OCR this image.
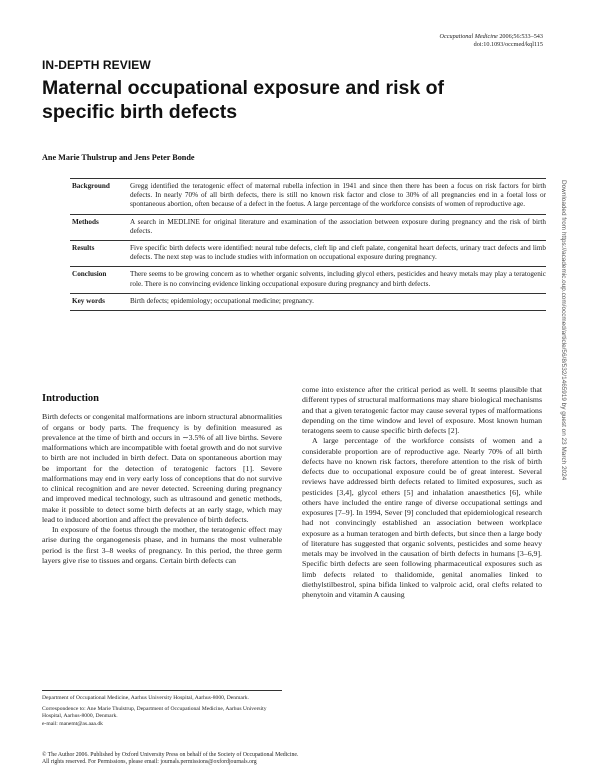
Occupational Medicine 2006;56:533–543
doi:10.1093/occmed/kql115
IN-DEPTH REVIEW
Maternal occupational exposure and risk of specific birth defects
Ane Marie Thulstrup and Jens Peter Bonde
Background	Gregg identified the teratogenic effect of maternal rubella infection in 1941 and since then there has been a focus on risk factors for birth defects. In nearly 70% of all birth defects, there is still no known risk factor and close to 30% of all pregnancies end in a foetal loss or spontaneous abortion, often because of a defect in the foetus. A large percentage of the workforce consists of women of reproductive age.
Methods	A search in MEDLINE for original literature and examination of the association between exposure during pregnancy and the risk of birth defects.
Results	Five specific birth defects were identified: neural tube defects, cleft lip and cleft palate, congenital heart defects, urinary tract defects and limb defects. The next step was to include studies with information on occupational exposure during pregnancy.
Conclusion	There seems to be growing concern as to whether organic solvents, including glycol ethers, pesticides and heavy metals may play a teratogenic role. There is no convincing evidence linking occupational exposure during pregnancy and birth defects.
Key words	Birth defects; epidemiology; occupational medicine; pregnancy.
Introduction

Birth defects or congenital malformations are inborn structural abnormalities of organs or body parts. The frequency is by definition measured as prevalence at the time of birth and occurs in ∼3.5% of all live births. Severe malformations which are incompatible with foetal growth and do not survive to birth are not included in birth defect. Data on spontaneous abortion may be important for the detection of teratogenic factors [1]. Severe malformations may end in very early loss of conceptions that do not survive to clinical recognition and are never detected. Screening during pregnancy and improved medical technology, such as ultrasound and genetic methods, make it possible to detect some birth defects at an early stage, which may lead to induced abortion and affect the prevalence of birth defects.

In exposure of the foetus through the mother, the teratogenic effect may arise during the organogenesis phase, and in humans the most vulnerable period is the first 3–8 weeks of pregnancy. In this period, the three germ layers give rise to tissues and organs. Certain birth defects can

come into existence after the critical period as well. It seems plausible that different types of structural malformations may share biological mechanisms and that a given teratogenic factor may cause several types of malformations depending on the time window and level of exposure. Most known human teratogens seem to cause specific birth defects [2].

A large percentage of the workforce consists of women and a considerable proportion are of reproductive age. Nearly 70% of all birth defects have no known risk factors, therefore attention to the risk of birth defects due to occupational exposure could be of great interest. Several reviews have addressed birth defects related to limited exposures, such as pesticides [3,4], glycol ethers [5] and inhalation anaesthetics [6], while others have included the entire range of diverse occupational settings and exposures [7–9]. In 1994, Sever [9] concluded that epidemiological research had not convincingly established an association between workplace exposure as a human teratogen and birth defects, but since then a large body of literature has suggested that organic solvents, pesticides and some heavy metals may be involved in the causation of birth defects in humans [3–6,9]. Specific birth defects are seen following pharmaceutical exposures such as limb defects related to thalidomide, genital anomalies linked to diethylstilbestrol, spina bifida linked to valproic acid, oral clefts related to phenytoin and vitamin A causing

Department of Occupational Medicine, Aarhus University Hospital, Aarhus-8000, Denmark.

Correspondence to: Ane Marie Thulstrup, Department of Occupational Medicine, Aarhus University Hospital, Aarhus-8000, Denmark.

e-mail: manemt@as.aaa.dk

© The Author 2006. Published by Oxford University Press on behalf of the Society of Occupational Medicine.
All rights reserved. For Permissions, please email: journals.permissions@oxfordjournals.org
Downloaded from https://academic.oup.com/occmed/article/56/8/532/1465919 by guest on 23 March 2024
